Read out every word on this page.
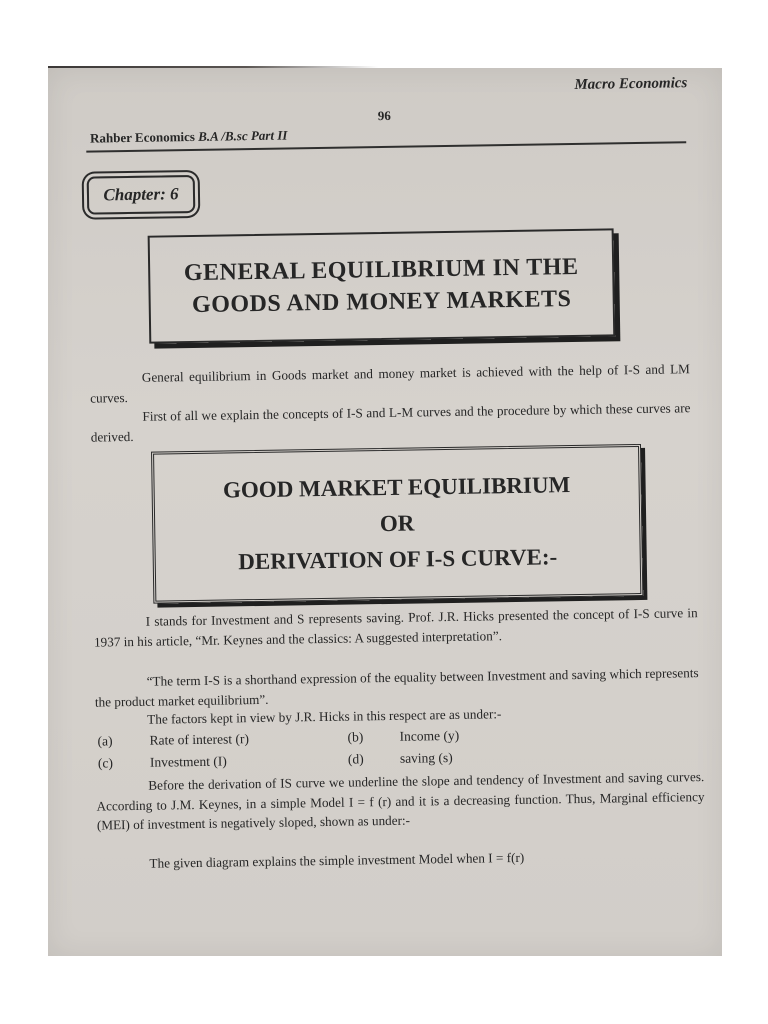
Macro Economics
96
Rahber Economics B.A /B.sc Part II
Chapter: 6
GENERAL EQUILIBRIUM IN THE
GOODS AND MONEY MARKETS
General equilibrium in Goods market and money market is achieved with the help of I-S and LM curves.
First of all we explain the concepts of I-S and L-M curves and the procedure by which these curves are derived.
GOOD MARKET EQUILIBRIUM
OR
DERIVATION OF I-S CURVE:-
I stands for Investment and S represents saving. Prof. J.R. Hicks presented the concept of I-S curve in 1937 in his article, “Mr. Keynes and the classics: A suggested interpretation”.
“The term I-S is a shorthand expression of the equality between Investment and saving which represents the product market equilibrium”.
The factors kept in view by J.R. Hicks in this respect are as under:-
(a)	Rate of interest (r)	(b)	Income (y)
(c)	Investment (I)	(d)	saving (s)
Before the derivation of IS curve we underline the slope and tendency of Investment and saving curves. According to J.M. Keynes, in a simple Model I = f (r) and it is a decreasing function. Thus, Marginal efficiency (MEI) of investment is negatively sloped, shown as under:-
The given diagram explains the simple investment Model when I = f(r)
